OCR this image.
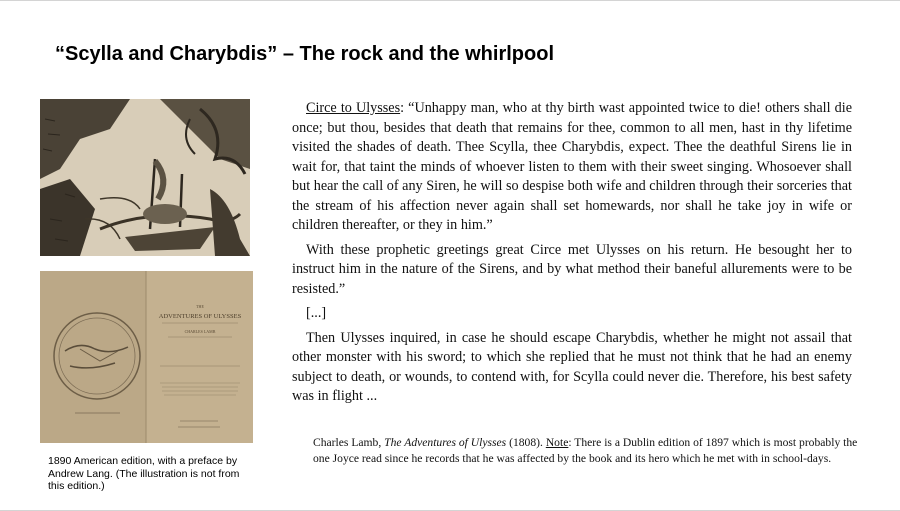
“Scylla and Charybdis” – The rock and the whirlpool
THE
ADVENTURES OF ULYSSES
CHARLES LAMB
1890 American edition, with a preface by Andrew Lang. (The illustration is not from this edition.)

Circe to Ulysses: “Unhappy man, who at thy birth wast appointed twice to die! others shall die once; but thou, besides that death that remains for thee, common to all men, hast in thy lifetime visited the shades of death. Thee Scylla, thee Charybdis, expect. Thee the deathful Sirens lie in wait for, that taint the minds of whoever listen to them with their sweet singing. Whosoever shall but hear the call of any Siren, he will so despise both wife and children through their sorceries that the stream of his affection never again shall set homewards, nor shall he take joy in wife or children thereafter, or they in him.”

With these prophetic greetings great Circe met Ulysses on his return. He besought her to instruct him in the nature of the Sirens, and by what method their baneful allurements were to be resisted.”

[...]

Then Ulysses inquired, in case he should escape Charybdis, whether he might not assail that other monster with his sword; to which she replied that he must not think that he had an enemy subject to death, or wounds, to contend with, for Scylla could never die. Therefore, his best safety was in flight ...

Charles Lamb, The Adventures of Ulysses (1808). Note: There is a Dublin edition of 1897 which is most probably the one Joyce read since he records that he was affected by the book and its hero which he met with in school-days.
